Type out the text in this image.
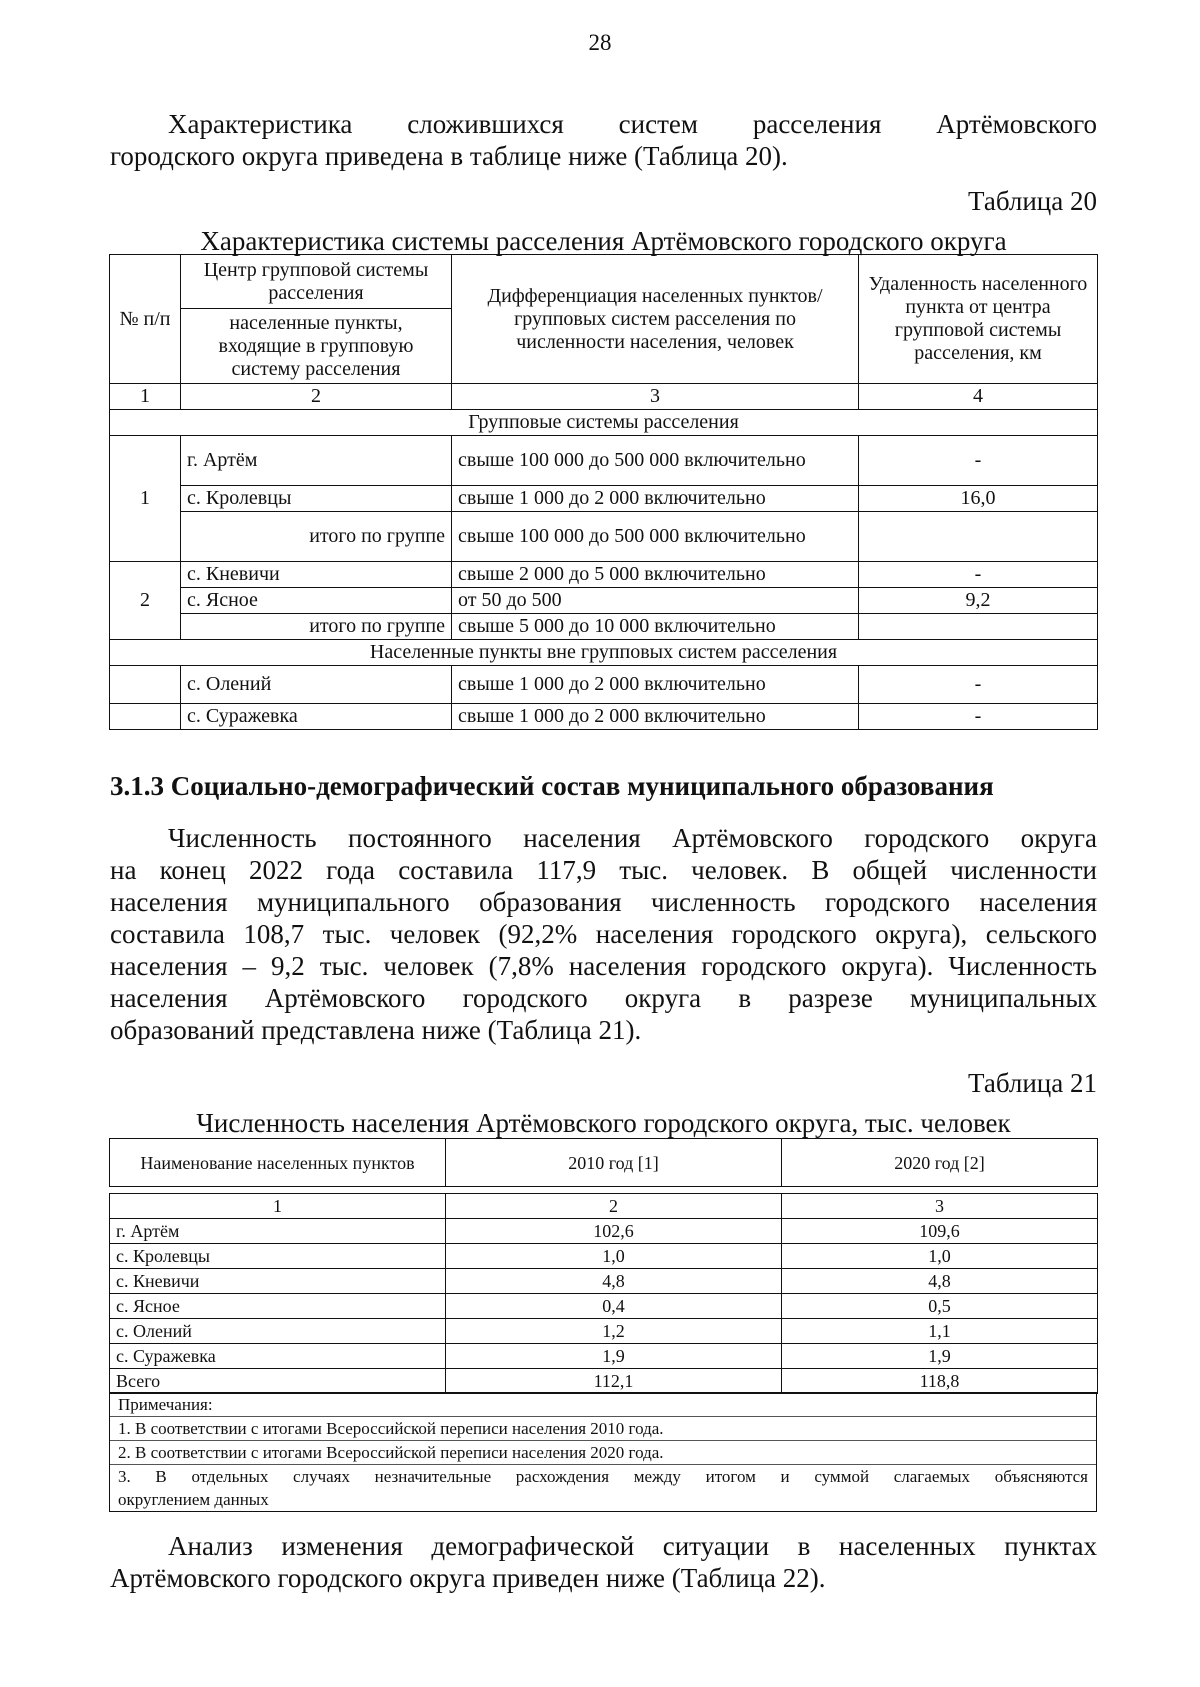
28
Характеристика сложившихся систем расселения Артёмовского
городского округа приведена в таблице ниже (Таблица 20).
Таблица 20
Характеристика системы расселения Артёмовского городского округа
№ п/п	Центр групповой системы расселения	Дифференциация населенных пунктов/групповых систем расселения по численности населения, человек	Удаленность населенного пункта от центра групповой системы расселения, км
	населенные пункты, входящие в групповую систему расселения		
1	2	3	4
Групповые системы расселения			
1	г. Артём	свыше 100 000 до 500 000 включительно	-
	с. Кролевцы	свыше 1 000 до 2 000 включительно	16,0
	итого по группе	свыше 100 000 до 500 000 включительно	
2	с. Кневичи	свыше 2 000 до 5 000 включительно	-
	с. Ясное	от 50 до 500	9,2
	итого по группе	свыше 5 000 до 10 000 включительно	
Населенные пункты вне групповых систем расселения			
	с. Олений	свыше 1 000 до 2 000 включительно	-
	с. Суражевка	свыше 1 000 до 2 000 включительно	-
3.1.3 Социально-демографический состав муниципального образования
Численность постоянного населения Артёмовского городского округа
на конец 2022 года составила 117,9 тыс. человек. В общей численности
населения муниципального образования численность городского населения
составила 108,7 тыс. человек (92,2% населения городского округа), сельского
населения – 9,2 тыс. человек (7,8% населения городского округа). Численность
населения Артёмовского городского округа в разрезе муниципальных
образований представлена ниже (Таблица 21).
Таблица 21
Численность населения Артёмовского городского округа, тыс. человек
Наименование населенных пунктов	2010 год [1]	2020 год [2]

1	2	3
г. Артём	102,6	109,6
с. Кролевцы	1,0	1,0
с. Кневичи	4,8	4,8
с. Ясное	0,4	0,5
с. Олений	1,2	1,1
с. Суражевка	1,9	1,9
Всего	112,1	118,8
Примечания:
1. В соответствии с итогами Всероссийской переписи населения 2010 года.
2. В соответствии с итогами Всероссийской переписи населения 2020 года.
3. В отдельных случаях незначительные расхождения между итогом и суммой слагаемых объясняются
округлением данных
Анализ изменения демографической ситуации в населенных пунктах
Артёмовского городского округа приведен ниже (Таблица 22).
